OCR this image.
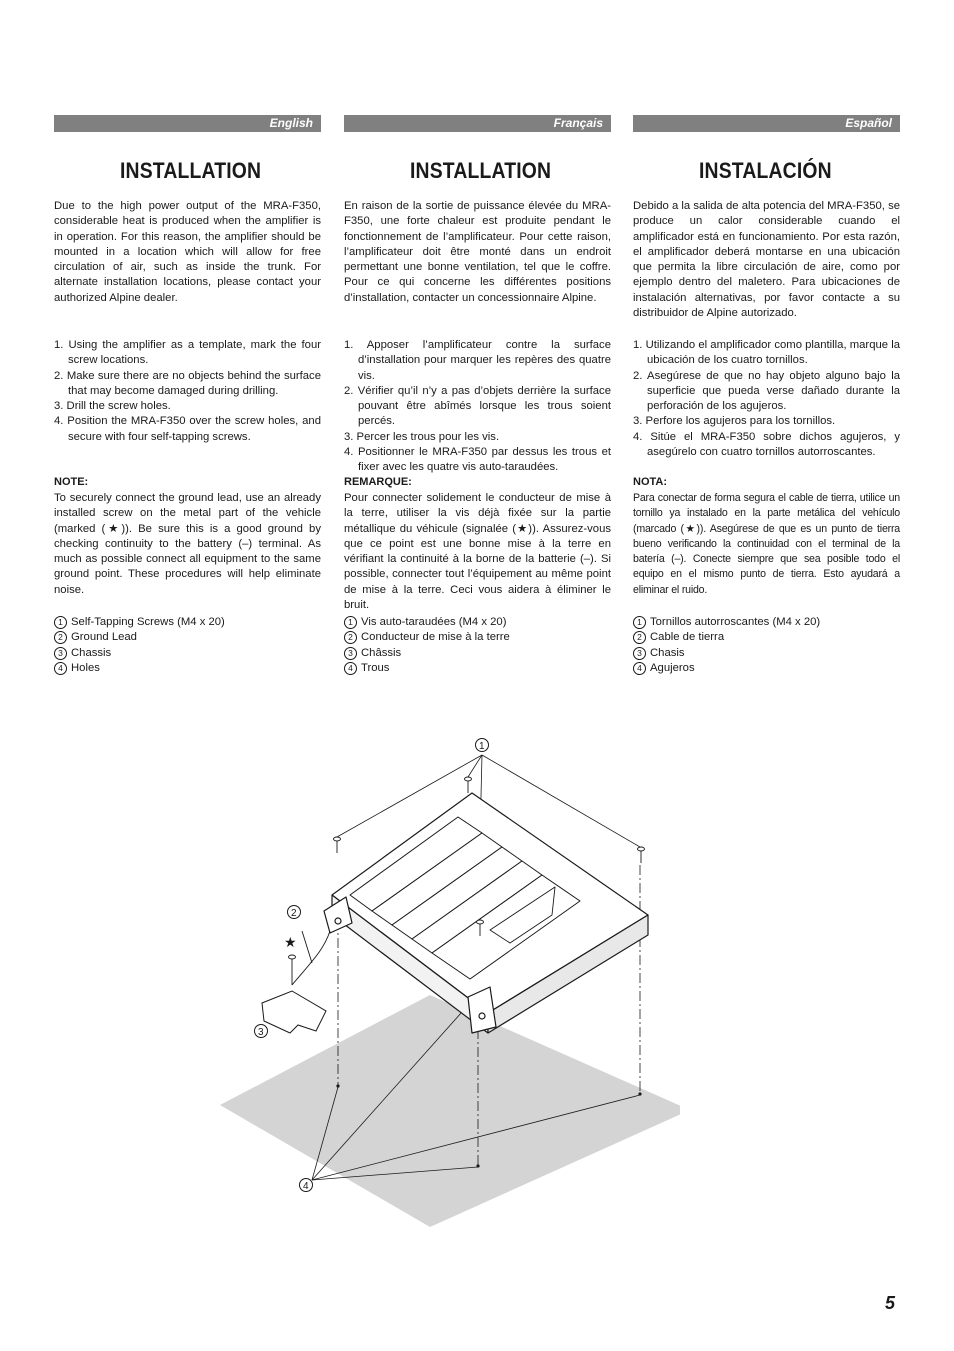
English
INSTALLATION

Due to the high power output of the MRA-F350, considerable heat is produced when the amplifier is in operation. For this reason, the amplifier should be mounted in a location which will allow for free circulation of air, such as inside the trunk. For alternate installation locations, please contact your authorized Alpine dealer.

1. Using the amplifier as a template, mark the four screw locations.
2. Make sure there are no objects behind the surface that may become damaged during drilling.
3. Drill the screw holes.
4. Position the MRA-F350 over the screw holes, and secure with four self-tapping screws.
NOTE:

To securely connect the ground lead, use an already installed screw on the metal part of the vehicle (marked (★)). Be sure this is a good ground by checking continuity to the battery (–) terminal. As much as possible connect all equipment to the same ground point. These procedures will help eliminate noise.

1 Self-Tapping Screws (M4 x 20)
2 Ground Lead
3 Chassis
4 Holes
Français
INSTALLATION

En raison de la sortie de puissance élevée du MRA-F350, une forte chaleur est produite pendant le fonctionnement de l’amplificateur. Pour cette raison, l’amplificateur doit être monté dans un endroit permettant une bonne ventilation, tel que le coffre. Pour ce qui concerne les différentes positions d’installation, contacter un concessionnaire Alpine.

1. Apposer l’amplificateur contre la surface d’installation pour marquer les repères des quatre vis.
2. Vérifier qu’il n’y a pas d’objets derrière la surface pouvant être abîmés lorsque les trous soient percés.
3. Percer les trous pour les vis.
4. Positionner le MRA-F350 par dessus les trous et fixer avec les quatre vis auto-taraudées.
REMARQUE:

Pour connecter solidement le conducteur de mise à la terre, utiliser la vis déjà fixée sur la partie métallique du véhicule (signalée (★)). Assurez-vous que ce point est une bonne mise à la terre en vérifiant la continuité à la borne de la batterie (–). Si possible, connecter tout l’équipement au même point de mise à la terre. Ceci vous aidera à éliminer le bruit.

1 Vis auto-taraudées (M4 x 20)
2 Conducteur de mise à la terre
3 Châssis
4 Trous
Español
INSTALACIÓN

Debido a la salida de alta potencia del MRA-F350, se produce un calor considerable cuando el amplificador está en funcionamiento. Por esta razón, el amplificador deberá montarse en una ubicación que permita la libre circulación de aire, como por ejemplo dentro del maletero. Para ubicaciones de instalación alternativas, por favor contacte a su distribuidor de Alpine autorizado.

1. Utilizando el amplificador como plantilla, marque la ubicación de los cuatro tornillos.
2. Asegúrese de que no hay objeto alguno bajo la superficie que pueda verse dañado durante la perforación de los agujeros.
3. Perfore los agujeros para los tornillos.
4. Sitúe el MRA-F350 sobre dichos agujeros, y asegúrelo con cuatro tornillos autorroscantes.
NOTA:

Para conectar de forma segura el cable de tierra, utilice un tornillo ya instalado en la parte metálica del vehículo (marcado (★)). Asegúrese de que es un punto de tierra bueno verificando la continuidad con el terminal de la batería (–). Conecte siempre que sea posible todo el equipo en el mismo punto de tierra. Esto ayudará a eliminar el ruido.

1 Tornillos autorroscantes (M4 x 20)
2 Cable de tierra
3 Chasis
4 Agujeros
★
1
2
3
4
5
